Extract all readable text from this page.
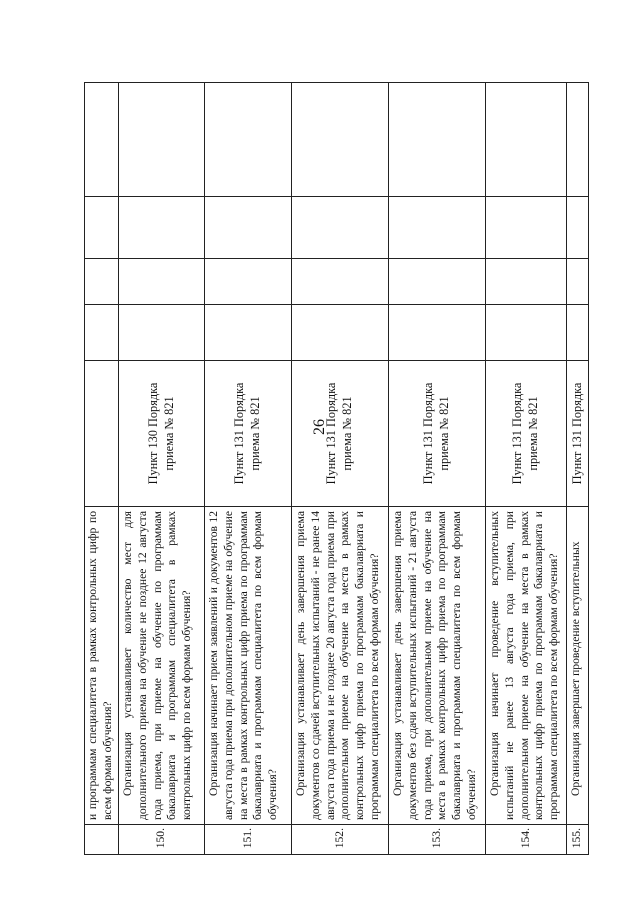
26
	и программам специалитета в рамках контрольных цифр по всем формам обучения?					
150.	Организация устанавливает количество мест для дополнительного приема на обучение не позднее 12 августа года приема, при приеме на обучение по программам бакалавриата и программам специалитета в рамках контрольных цифр по всем формам обучения?	Пункт 130 Порядка приема № 821				
151.	Организация начинает прием заявлений и документов 12 августа года приема при дополнительном приеме на обучение на места в рамках контрольных цифр приема по программам бакалавриата и программам специалитета по всем формам обучения?	Пункт 131 Порядка приема № 821				
152.	Организация устанавливает день завершения приема документов со сдачей вступительных испытаний - не ранее 14 августа года приема и не позднее 20 августа года приема при дополнительном приеме на обучение на места в рамках контрольных цифр приема по программам бакалавриата и программам специалитета по всем формам обучения?	Пункт 131 Порядка приема № 821				
153.	Организация устанавливает день завершения приема документов без сдачи вступительных испытаний - 21 августа года приема, при дополнительном приеме на обучение на места в рамках контрольных цифр приема по программам бакалавриата и программам специалитета по всем формам обучения?	Пункт 131 Порядка приема № 821				
154.	Организация начинает проведение вступительных испытаний не ранее 13 августа года приема, при дополнительном приеме на обучение на места в рамках контрольных цифр приема по программам бакалавриата и программам специалитета по всем формам обучения?	Пункт 131 Порядка приема № 821				
155.	Организация завершает проведение вступительных	Пункт 131 Порядка				
